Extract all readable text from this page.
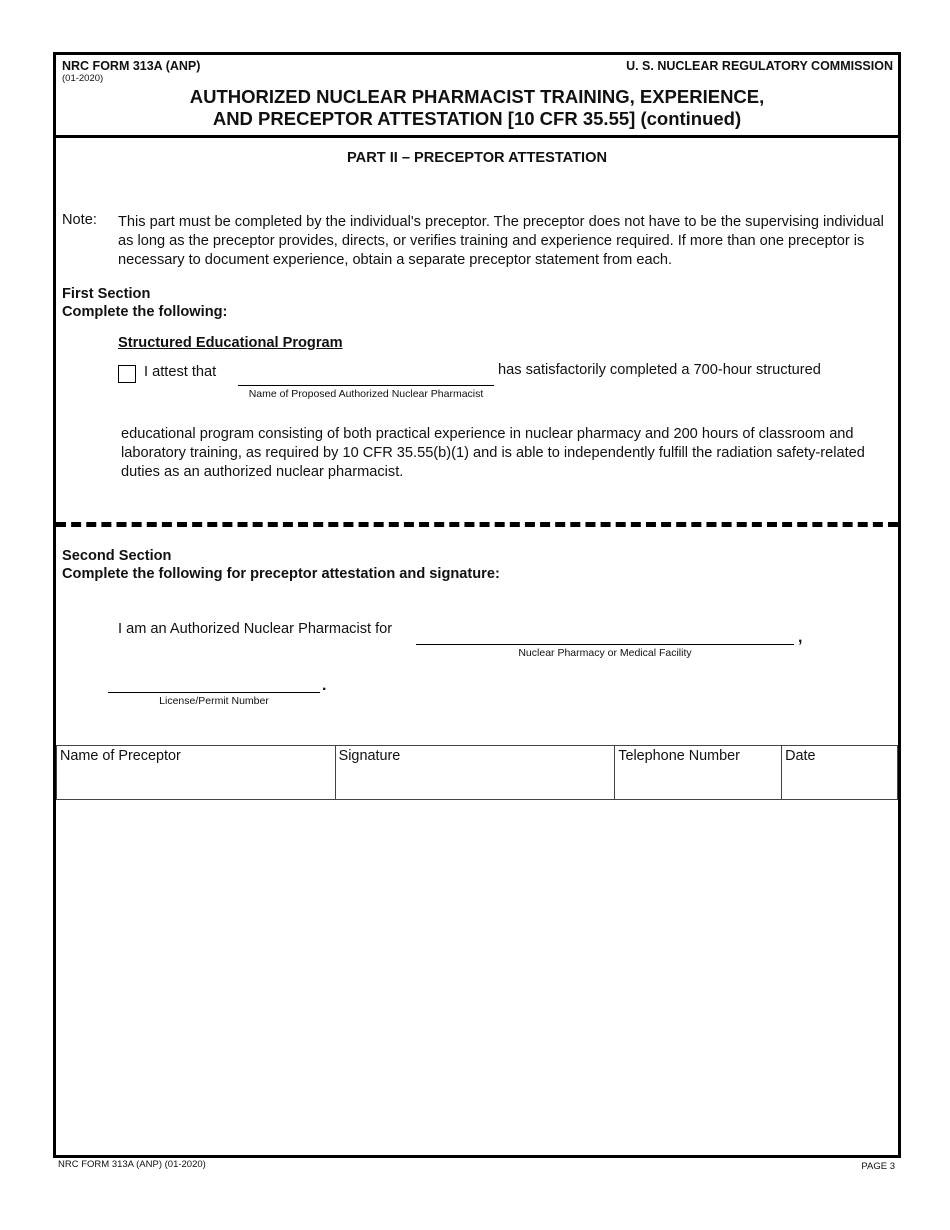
NRC FORM 313A (ANP)
(01-2020)
U. S. NUCLEAR REGULATORY COMMISSION
AUTHORIZED NUCLEAR PHARMACIST TRAINING, EXPERIENCE,
AND PRECEPTOR ATTESTATION [10 CFR 35.55] (continued)
PART II – PRECEPTOR ATTESTATION
Note: This part must be completed by the individual's preceptor. The preceptor does not have to be the supervising individual as long as the preceptor provides, directs, or verifies training and experience required. If more than one preceptor is necessary to document experience, obtain a separate preceptor statement from each.
First Section
Complete the following:
Structured Educational Program
I attest that
Name of Proposed Authorized Nuclear Pharmacist
has satisfactorily completed a 700-hour structured
educational program consisting of both practical experience in nuclear pharmacy and 200 hours of classroom and laboratory training, as required by 10 CFR 35.55(b)(1) and is able to independently fulfill the radiation safety-related duties as an authorized nuclear pharmacist.
Second Section
Complete the following for preceptor attestation and signature:
I am an Authorized Nuclear Pharmacist for	,
Nuclear Pharmacy or Medical Facility
.
License/Permit Number
Name of Preceptor	Signature	Telephone Number	Date
NRC FORM 313A (ANP) (01-2020)	PAGE 3
